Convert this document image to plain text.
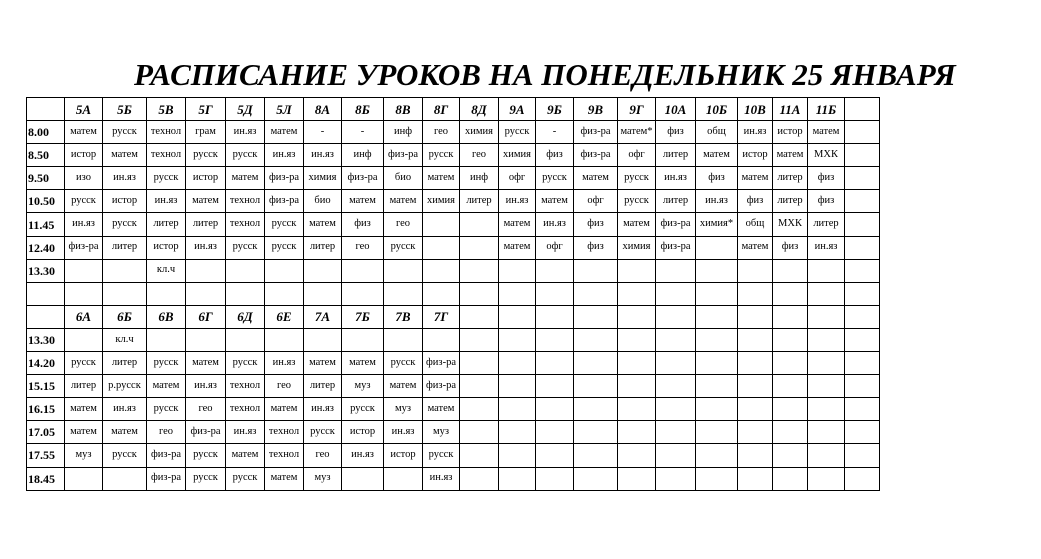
РАСПИСАНИЕ УРОКОВ НА ПОНЕДЕЛЬНИК 25 ЯНВАРЯ
	5А	5Б	5В	5Г	5Д	5Л	8А	8Б	8В	8Г	8Д	9А	9Б	9В	9Г	10А	10Б	10В	11А	11Б	
8.00	матем	русск	технол	грам	ин.яз	матем	-	-	инф	гео	химия	русск	-	физ-ра	матем*	физ	общ	ин.яз	истор	матем	
8.50	истор	матем	технол	русск	русск	ин.яз	ин.яз	инф	физ-ра	русск	гео	химия	физ	физ-ра	офг	литер	матем	истор	матем	МХК	
9.50	изо	ин.яз	русск	истор	матем	физ-ра	химия	физ-ра	био	матем	инф	офг	русск	матем	русск	ин.яз	физ	матем	литер	физ	
10.50	русск	истор	ин.яз	матем	технол	физ-ра	био	матем	матем	химия	литер	ин.яз	матем	офг	русск	литер	ин.яз	физ	литер	физ	
11.45	ин.яз	русск	литер	литер	технол	русск	матем	физ	гео			матем	ин.яз	физ	матем	физ-ра	химия*	общ	МХК	литер	
12.40	физ-ра	литер	истор	ин.яз	русск	русск	литер	гео	русск			матем	офг	физ	химия	физ-ра		матем	физ	ин.яз	
13.30			кл.ч																		

	6А	6Б	6В	6Г	6Д	6Е	7А	7Б	7В	7Г											
13.30		кл.ч																			
14.20	русск	литер	русск	матем	русск	ин.яз	матем	матем	русск	физ-ра											
15.15	литер	р.русск	матем	ин.яз	технол	гео	литер	муз	матем	физ-ра											
16.15	матем	ин.яз	русск	гео	технол	матем	ин.яз	русск	муз	матем											
17.05	матем	матем	гео	физ-ра	ин.яз	технол	русск	истор	ин.яз	муз											
17.55	муз	русск	физ-ра	русск	матем	технол	гео	ин.яз	истор	русск											
18.45			физ-ра	русск	русск	матем	муз			ин.яз											
